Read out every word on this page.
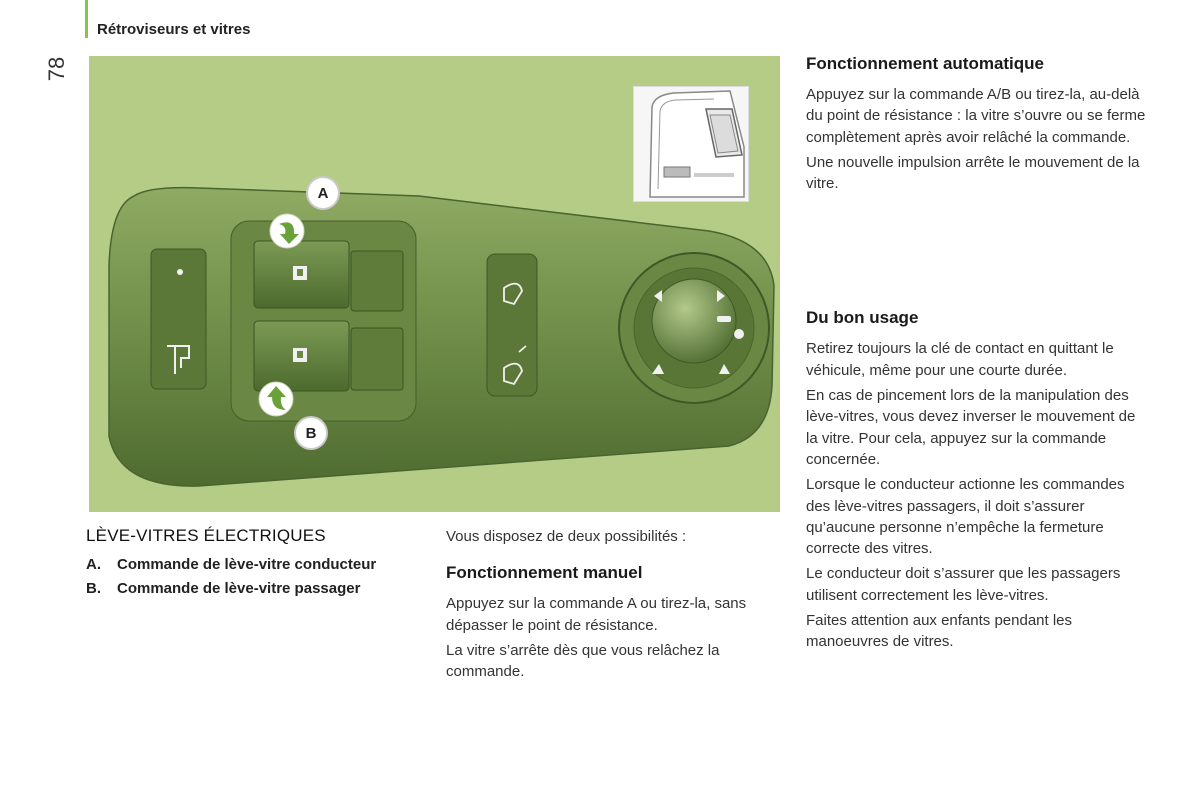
Rétroviseurs et vitres
78
A
B
LÈVE-VITRES ÉLECTRIQUES
A.	Commande de lève-vitre conducteur
B.	Commande de lève-vitre passager

Vous disposez de deux possibilités :

Fonctionnement manuel

Appuyez sur la commande A ou tirez-la, sans dépasser le point de résistance.

La vitre s’arrête dès que vous relâchez la commande.

Fonctionnement automatique

Appuyez sur la commande A/B ou tirez-la, au-delà du point de résistance : la vitre s’ouvre ou se ferme complètement après avoir relâché la commande.

Une nouvelle impulsion arrête le mouvement de la vitre.

Du bon usage

Retirez toujours la clé de contact en quittant le véhicule, même pour une courte durée.

En cas de pincement lors de la manipulation des lève-vitres, vous devez inverser le mouvement de la vitre. Pour cela, appuyez sur la commande concernée.

Lorsque le conducteur actionne les commandes des lève-vitres passagers, il doit s’assurer qu’aucune personne n’empêche la fermeture correcte des vitres.

Le conducteur doit s’assurer que les passagers utilisent correctement les lève-vitres.

Faites attention aux enfants pendant les manoeuvres de vitres.
